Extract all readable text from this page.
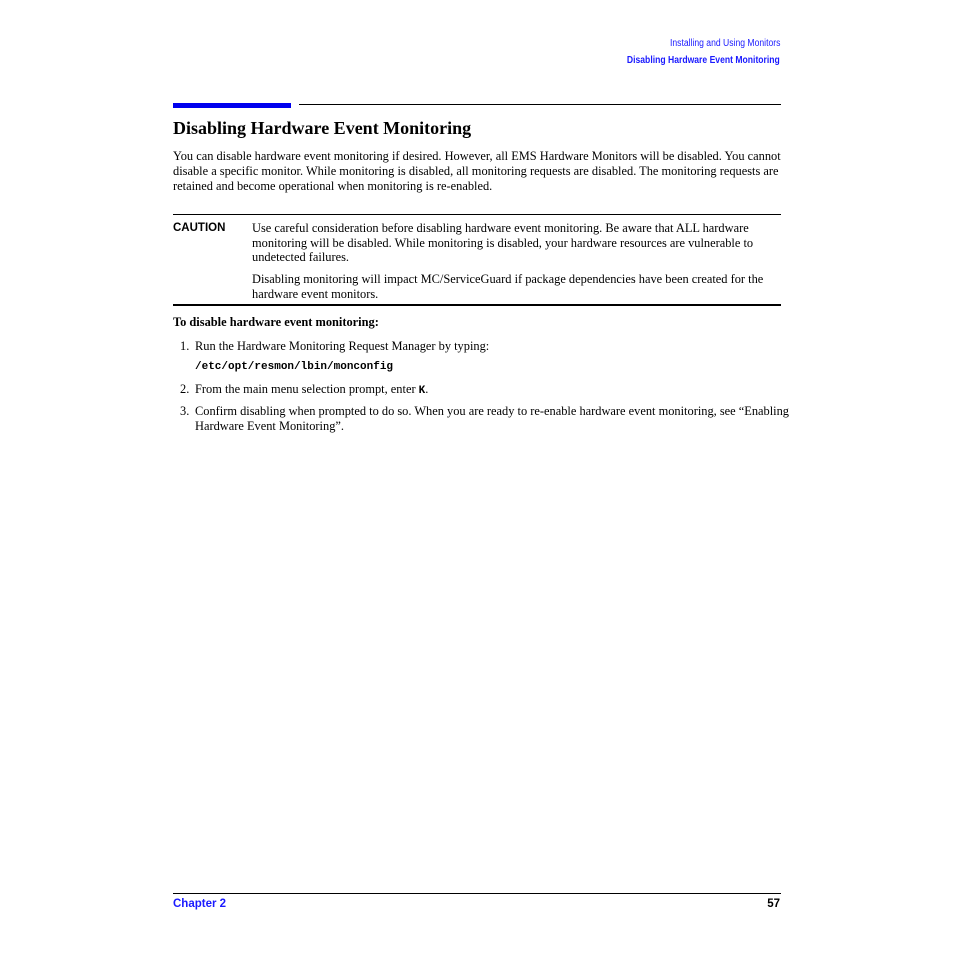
Installing and Using Monitors
Disabling Hardware Event Monitoring
Disabling Hardware Event Monitoring
You can disable hardware event monitoring if desired. However, all EMS Hardware Monitors will be disabled. You cannot disable a specific monitor. While monitoring is disabled, all monitoring requests are disabled. The monitoring requests are retained and become operational when monitoring is re-enabled.
CAUTION Use careful consideration before disabling hardware event monitoring. Be aware that ALL hardware monitoring will be disabled. While monitoring is disabled, your hardware resources are vulnerable to undetected failures.
Disabling monitoring will impact MC/ServiceGuard if package dependencies have been created for the hardware event monitors.
To disable hardware event monitoring:
1. Run the Hardware Monitoring Request Manager by typing:
/etc/opt/resmon/lbin/monconfig
2. From the main menu selection prompt, enter K.
3. Confirm disabling when prompted to do so. When you are ready to re-enable hardware event monitoring, see “Enabling Hardware Event Monitoring”.
Chapter 2	57
